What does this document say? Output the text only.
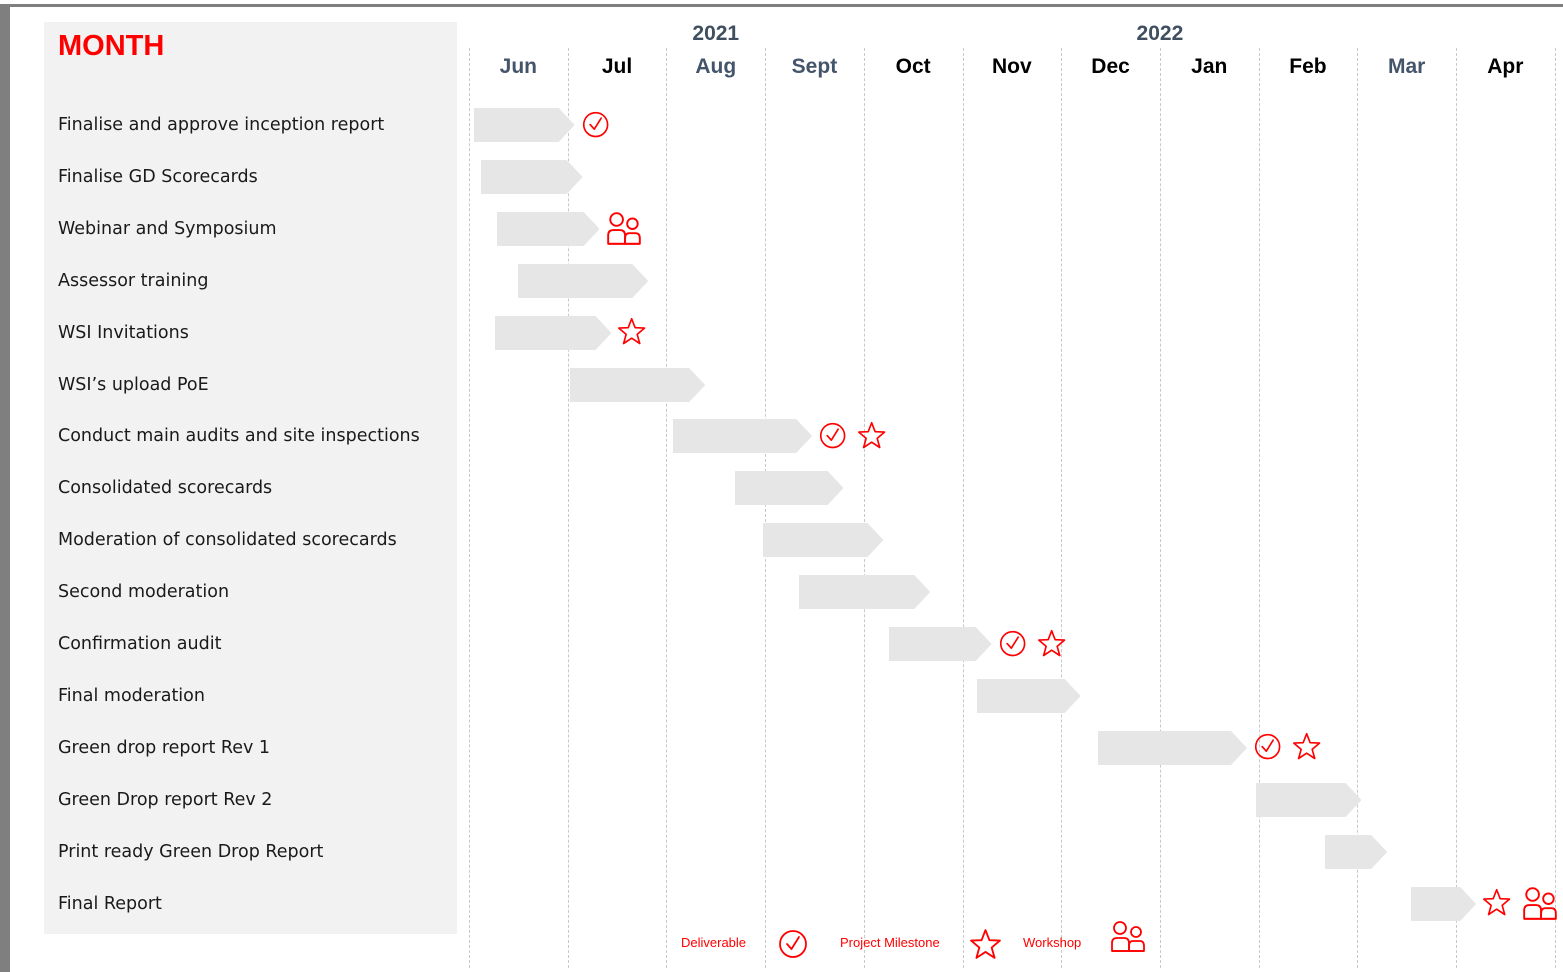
MONTH	2021	2022
Jun	Jul	Aug	Sept	Oct	Nov	Dec	Jan	Feb	Mar	Apr
Finalise and approve inception report
Finalise GD Scorecards
Webinar and Symposium
Assessor training
WSI Invitations
WSI’s upload PoE
Conduct main audits and site inspections
Consolidated scorecards
Moderation of consolidated scorecards
Second moderation
Confirmation audit
Final moderation
Green drop report Rev 1
Green Drop report Rev 2
Print ready Green Drop Report
Final Report
Deliverable	Project Milestone	Workshop
